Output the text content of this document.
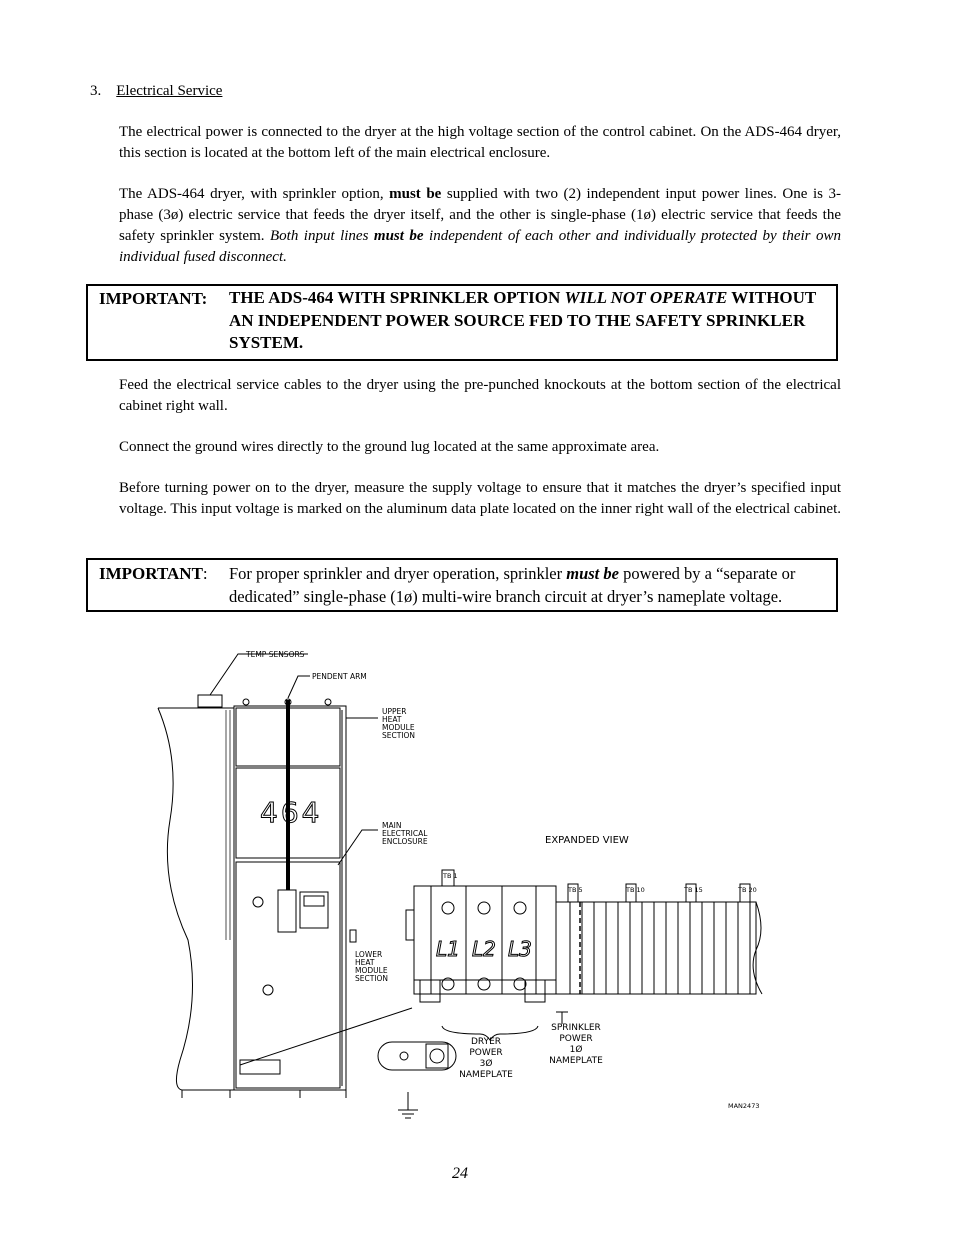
3. Electrical Service
The electrical power is connected to the dryer at the high voltage section of the control cabinet. On the ADS-464 dryer, this section is located at the bottom left of the main electrical enclosure.
The ADS-464 dryer, with sprinkler option, must be supplied with two (2) independent input power lines. One is 3-phase (3ø) electric service that feeds the dryer itself, and the other is single-phase (1ø) electric service that feeds the safety sprinkler system. Both input lines must be independent of each other and individually protected by their own individual fused disconnect.
IMPORTANT: THE ADS-464 WITH SPRINKLER OPTION WILL NOT OPERATE WITHOUT AN INDEPENDENT POWER SOURCE FED TO THE SAFETY SPRINKLER SYSTEM.
Feed the electrical service cables to the dryer using the pre-punched knockouts at the bottom section of the electrical cabinet right wall.
Connect the ground wires directly to the ground lug located at the same approximate area.
Before turning power on to the dryer, measure the supply voltage to ensure that it matches the dryer’s specified input voltage. This input voltage is marked on the aluminum data plate located on the inner right wall of the electrical cabinet.
IMPORTANT: For proper sprinkler and dryer operation, sprinkler must be powered by a “separate or dedicated” single-phase (1ø) multi-wire branch circuit at dryer’s nameplate voltage.
464
TEMP SENSORS
PENDENT ARM
UPPER
HEAT
MODULE
SECTION
MAIN
ELECTRICAL
ENCLOSURE
LOWER
HEAT
MODULE
SECTION
EXPANDED VIEW
L1 L2 L3
TB 1
TB 5	TB 10	TB 15	TB 20
DRYER
POWER
3Ø
NAMEPLATE
SPRINKLER
POWER
1Ø
NAMEPLATE
MAN2473
24
